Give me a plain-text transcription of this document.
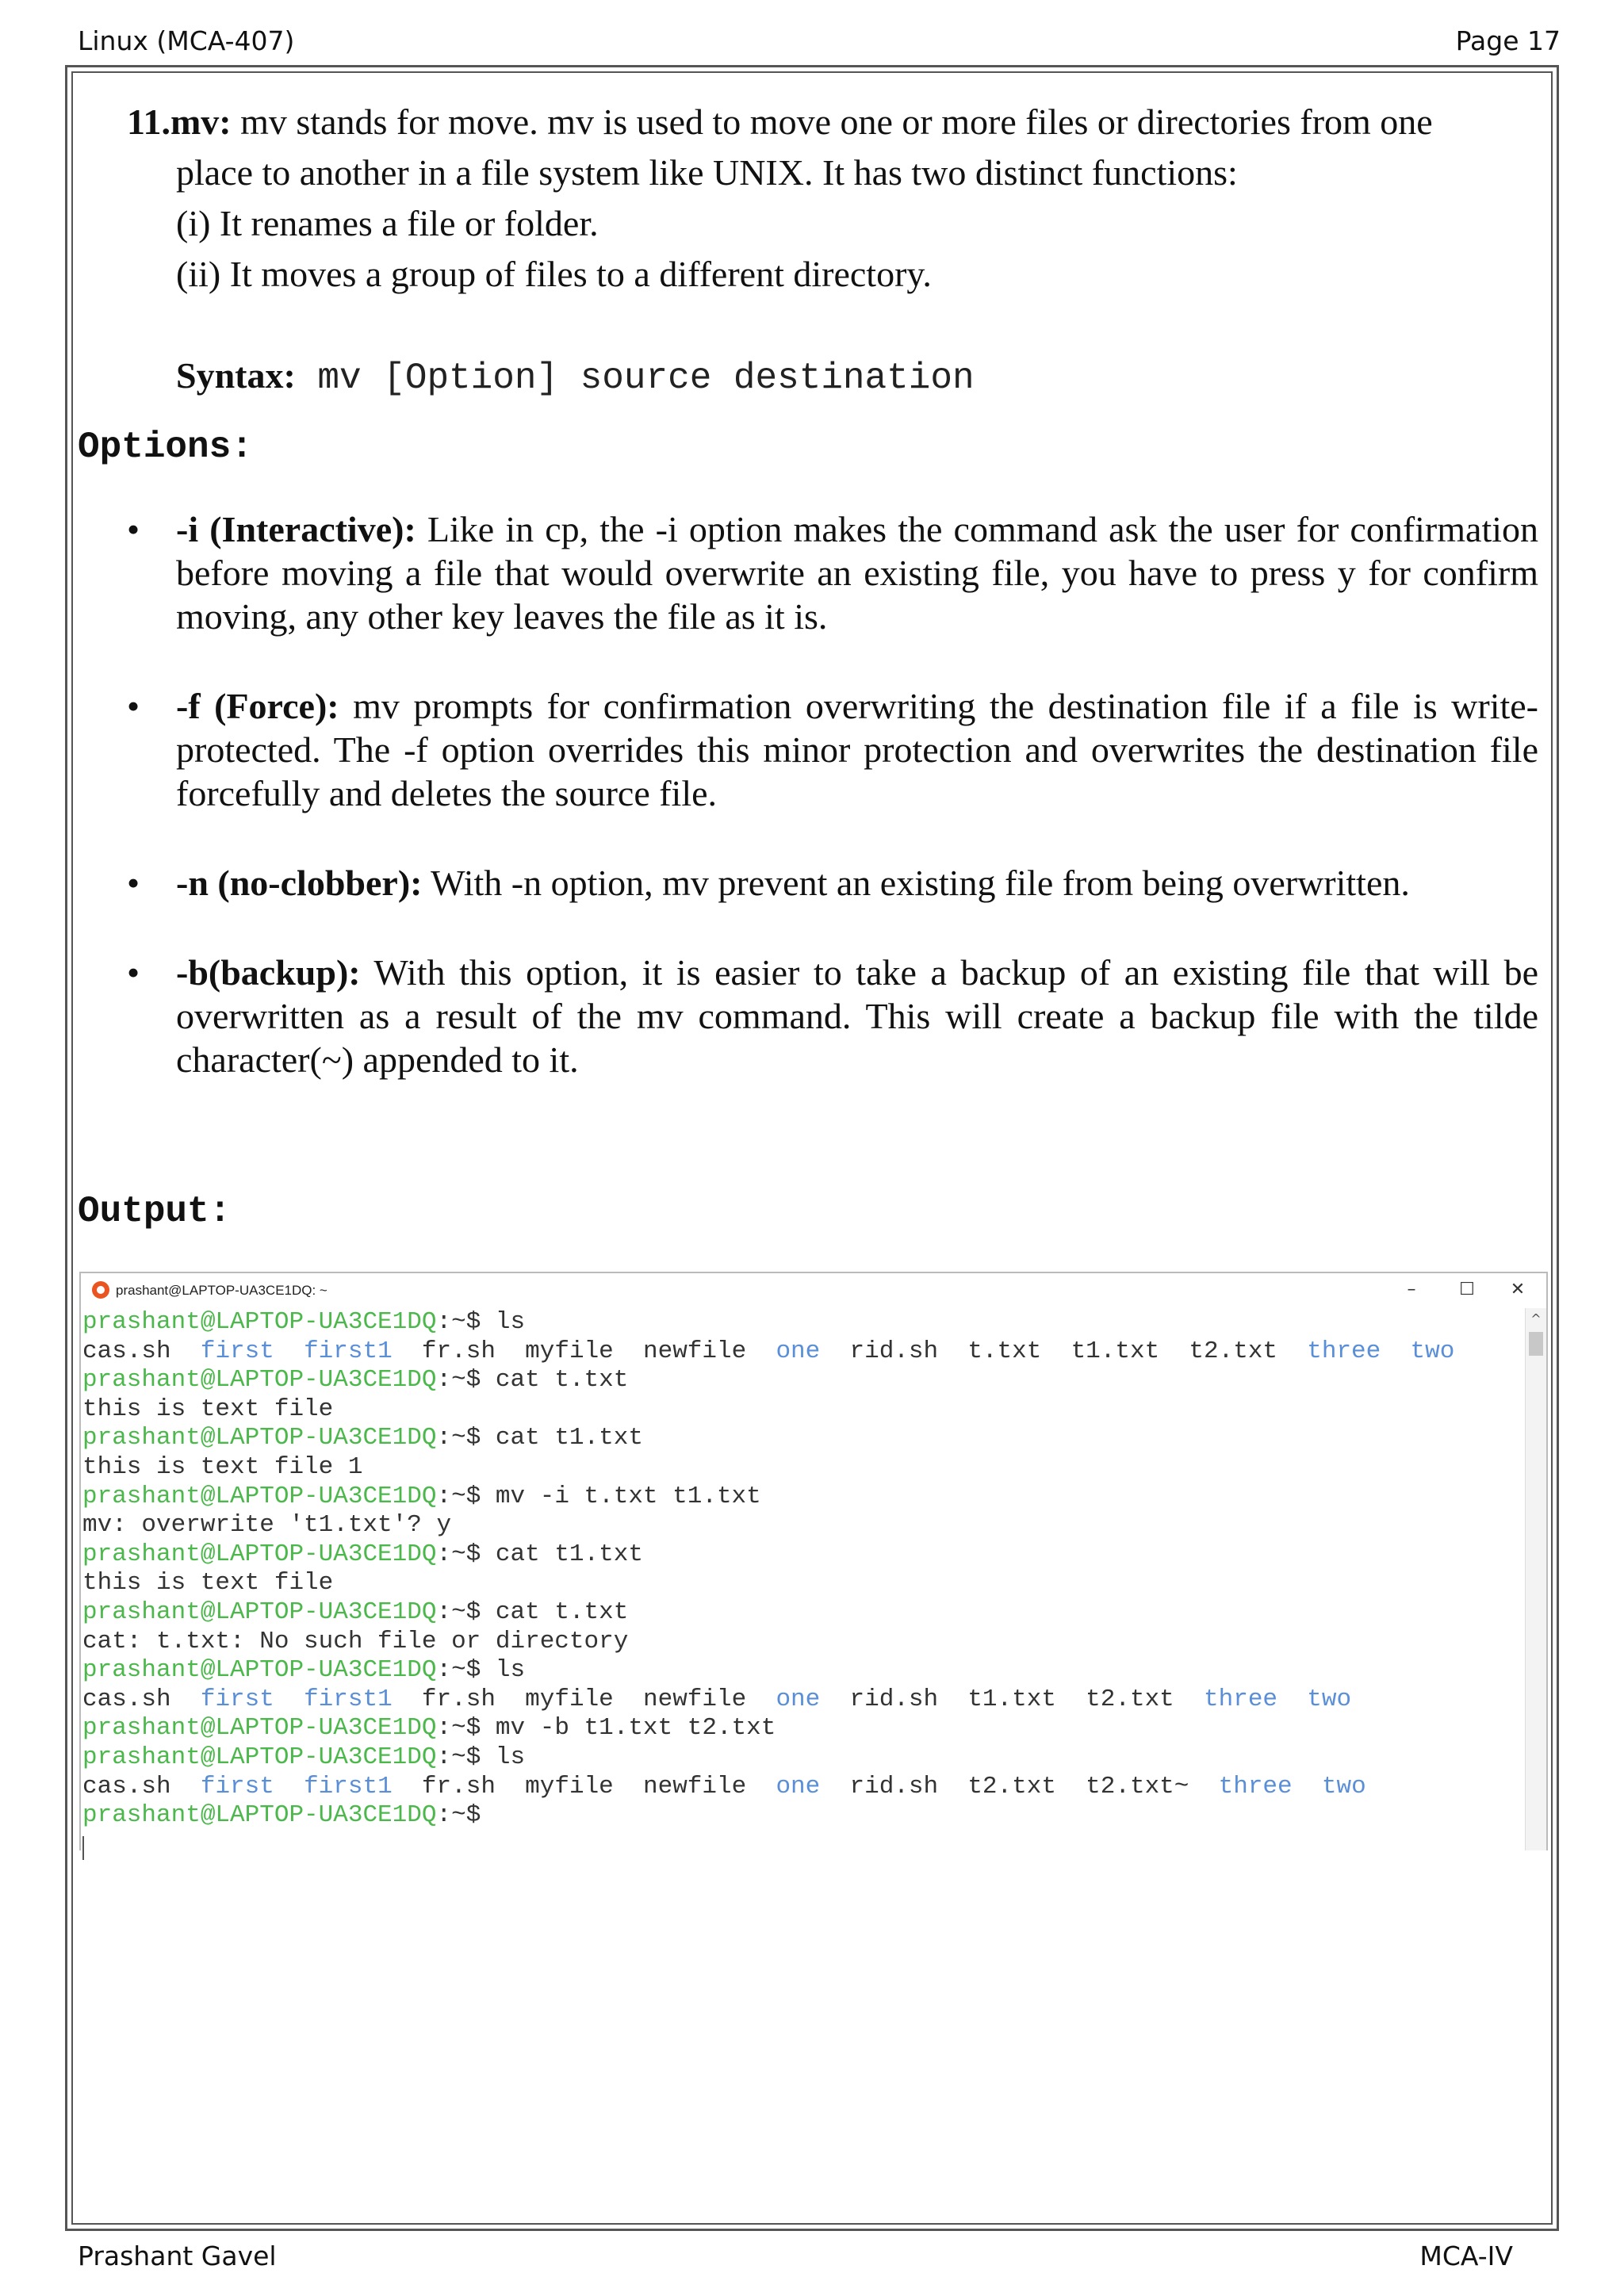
Linux (MCA-407)	Page 17
11.mv: mv stands for move. mv is used to move one or more files or directories from one
place to another in a file system like UNIX. It has two distinct functions:
(i) It renames a file or folder.
(ii) It moves a group of files to a different directory.
Syntax: mv [Option] source destination
Options:
• -i (Interactive): Like in cp, the -i option makes the command ask the user for confirmation before moving a file that would overwrite an existing file, you have to press y for confirm moving, any other key leaves the file as it is.
• -f (Force): mv prompts for confirmation overwriting the destination file if a file is write-protected. The -f option overrides this minor protection and overwrites the destination file forcefully and deletes the source file.
• -n (no-clobber): With -n option, mv prevent an existing file from being overwritten.
• -b(backup): With this option, it is easier to take a backup of an existing file that will be overwritten as a result of the mv command. This will create a backup file with the tilde character(~) appended to it.
Output:
prashant@LAPTOP-UA3CE1DQ: ~	–	☐	✕
prashant@LAPTOP-UA3CE1DQ:~$ ls
cas.sh first first1 fr.sh myfile newfile one rid.sh t.txt t1.txt t2.txt three two
prashant@LAPTOP-UA3CE1DQ:~$ cat t.txt
this is text file
prashant@LAPTOP-UA3CE1DQ:~$ cat t1.txt
this is text file 1
prashant@LAPTOP-UA3CE1DQ:~$ mv -i t.txt t1.txt
mv: overwrite 't1.txt'? y
prashant@LAPTOP-UA3CE1DQ:~$ cat t1.txt
this is text file
prashant@LAPTOP-UA3CE1DQ:~$ cat t.txt
cat: t.txt: No such file or directory
prashant@LAPTOP-UA3CE1DQ:~$ ls
cas.sh first first1 fr.sh myfile newfile one rid.sh t1.txt t2.txt three two
prashant@LAPTOP-UA3CE1DQ:~$ mv -b t1.txt t2.txt
prashant@LAPTOP-UA3CE1DQ:~$ ls
cas.sh first first1 fr.sh myfile newfile one rid.sh t2.txt t2.txt~ three two
prashant@LAPTOP-UA3CE1DQ:~$
^
Prashant Gavel	MCA-IV
